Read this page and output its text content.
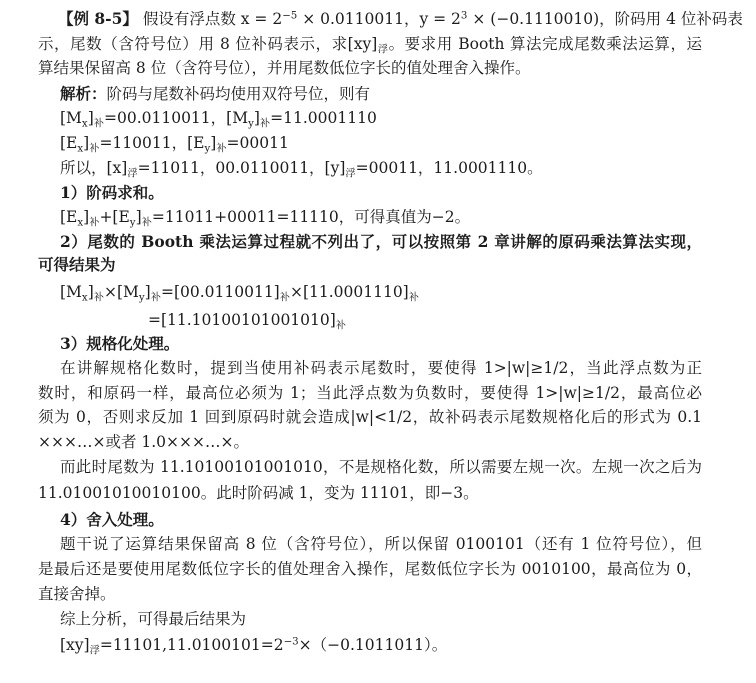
【例 8-5】 假设有浮点数 $x = 2^{-5} \times 0.0110011$，$y = 2^3 \times (-0.1110010)$，阶码用 4 位补码表
示，尾数（含符号位）用 8 位补码表示，求$[xy]_浮$。要求用 Booth 算法完成尾数乘法运算，运
算结果保留高 8 位（含符号位），并用尾数低位字长的值处理舍入操作。
解析：阶码与尾数补码均使用双符号位，则有
$[M_x]_补=00.0110011$，$[M_y]_补=11.0001110$
$[E_x]_补=110011$，$[E_y]_补=00011$
所以，$[x]_浮=11011$，00.0110011，$[y]_浮=00011$，11.0001110。
1）阶码求和。
$[E_x]_补+[E_y]_补=11011+00011=11110$，可得真值为−2。
2）尾数的 Booth 乘法运算过程就不列出了，可以按照第 2 章讲解的原码乘法算法实现，
可得结果为
$[M_x]_补\times[M_y]_补=[00.0110011]_补\times[11.0001110]_补$
$=[11.10100101001010]_补$
3）规格化处理。
在讲解规格化数时，提到当使用补码表示尾数时，要使得 1>|w|≥1/2，当此浮点数为正
数时，和原码一样，最高位必须为 1；当此浮点数为负数时，要使得 1>|w|≥1/2，最高位必
须为 0，否则求反加 1 回到原码时就会造成|w|<1/2，故补码表示尾数规格化后的形式为 0.1
×××…×或者 1.0×××…×。
而此时尾数为 11.10100101001010，不是规格化数，所以需要左规一次。左规一次之后为
11.01001010010100。此时阶码减 1，变为 11101，即−3。
4）舍入处理。
题干说了运算结果保留高 8 位（含符号位），所以保留 0100101（还有 1 位符号位），但
是最后还是要使用尾数低位字长的值处理舍入操作，尾数低位字长为 0010100，最高位为 0，
直接舍掉。
综上分析，可得最后结果为
$[xy]_浮=11101,11.0100101=2^{-3}\times(-0.1011011)$。
